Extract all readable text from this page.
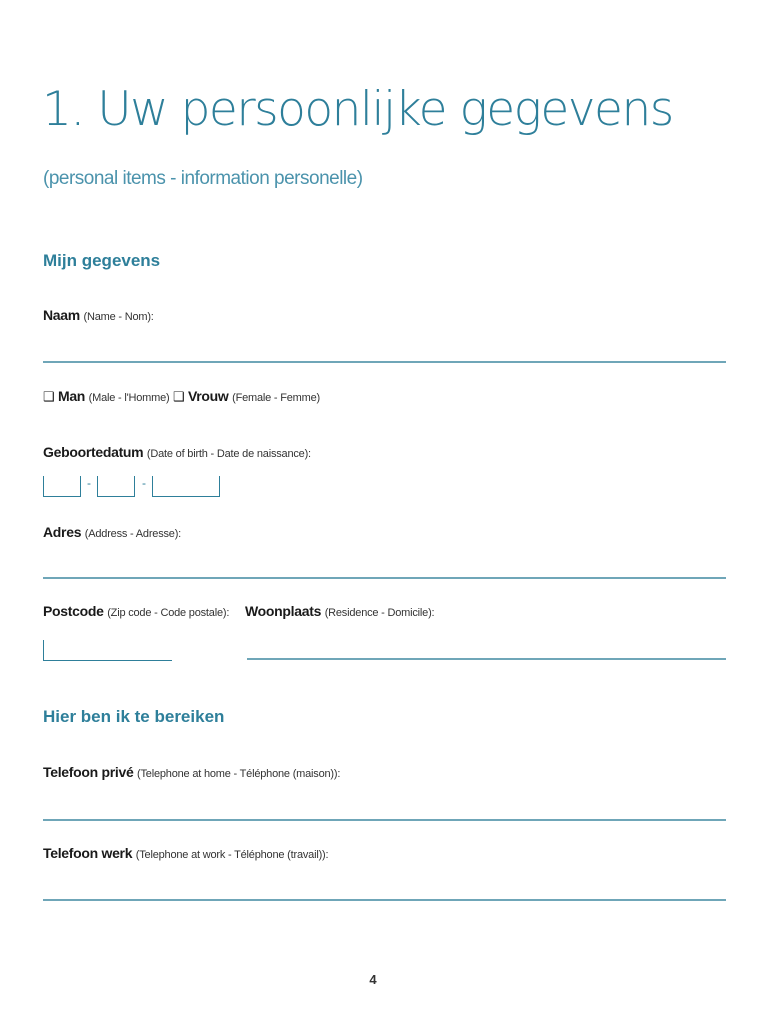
1. Uw persoonlijke gegevens
(personal items - information personelle)
Mijn gegevens
Naam (Name - Nom):
❑ Man (Male - l'Homme) ❑ Vrouw (Female - Femme)
Geboortedatum (Date of birth - Date de naissance):
-	-
Adres (Address - Adresse):
Postcode (Zip code - Code postale): Woonplaats (Residence - Domicile):
Hier ben ik te bereiken
Telefoon privé (Telephone at home - Téléphone (maison)):
Telefoon werk (Telephone at work - Téléphone (travail)):
4
